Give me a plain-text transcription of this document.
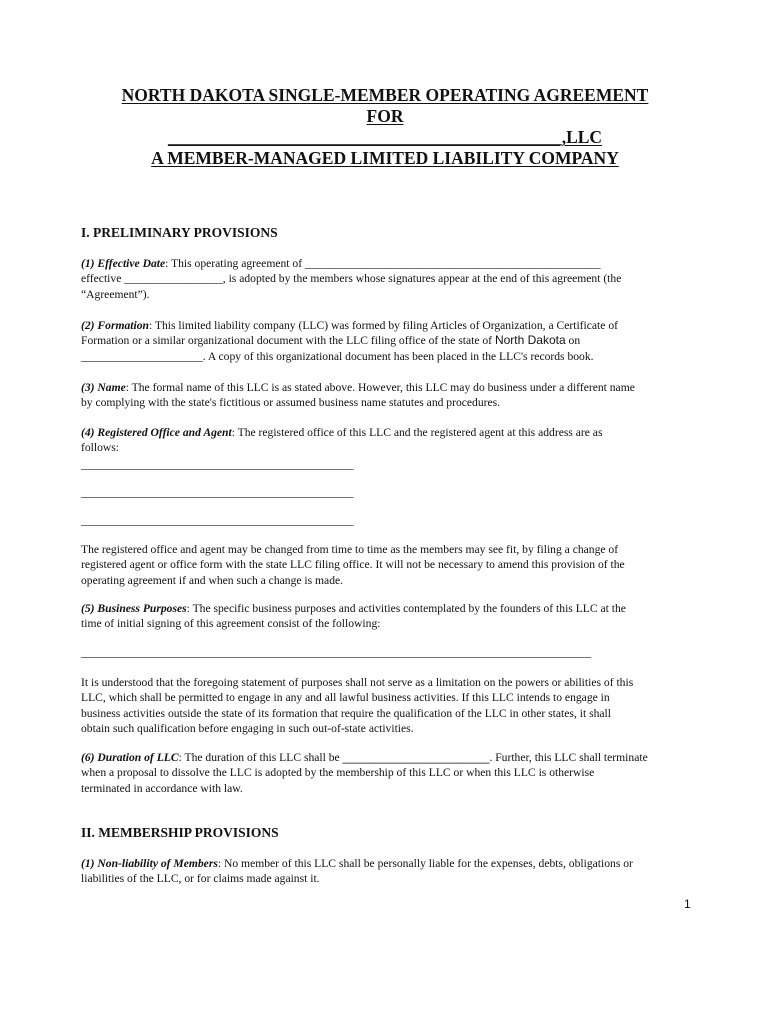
NORTH DAKOTA SINGLE-MEMBER OPERATING AGREEMENT
FOR
_____________________________________________,LLC
A MEMBER-MANAGED LIMITED LIABILITY COMPANY
I. PRELIMINARY PROVISIONS
(1) Effective Date: This operating agreement of ___________________________________________________
effective _________________, is adopted by the members whose signatures appear at the end of this agreement (the
“Agreement”).
(2) Formation: This limited liability company (LLC) was formed by filing Articles of Organization, a Certificate of
Formation or a similar organizational document with the LLC filing office of the state of North Dakota on
_____________________. A copy of this organizational document has been placed in the LLC's records book.
(3) Name: The formal name of this LLC is as stated above. However, this LLC may do business under a different name
by complying with the state's fictitious or assumed business name statutes and procedures.
(4) Registered Office and Agent: The registered office of this LLC and the registered agent at this address are as
follows:
_______________________________________________
_______________________________________________
_______________________________________________
The registered office and agent may be changed from time to time as the members may see fit, by filing a change of
registered agent or office form with the state LLC filing office. It will not be necessary to amend this provision of the
operating agreement if and when such a change is made.
(5) Business Purposes: The specific business purposes and activities contemplated by the founders of this LLC at the
time of initial signing of this agreement consist of the following:
________________________________________________________________________________________
It is understood that the foregoing statement of purposes shall not serve as a limitation on the powers or abilities of this
LLC, which shall be permitted to engage in any and all lawful business activities. If this LLC intends to engage in
business activities outside the state of its formation that require the qualification of the LLC in other states, it shall
obtain such qualification before engaging in such out-of-state activities.
(6) Duration of LLC: The duration of this LLC shall be ______________________. Further, this LLC shall terminate
when a proposal to dissolve the LLC is adopted by the membership of this LLC or when this LLC is otherwise
terminated in accordance with law.
II. MEMBERSHIP PROVISIONS
(1) Non-liability of Members: No member of this LLC shall be personally liable for the expenses, debts, obligations or
liabilities of the LLC, or for claims made against it.
1
